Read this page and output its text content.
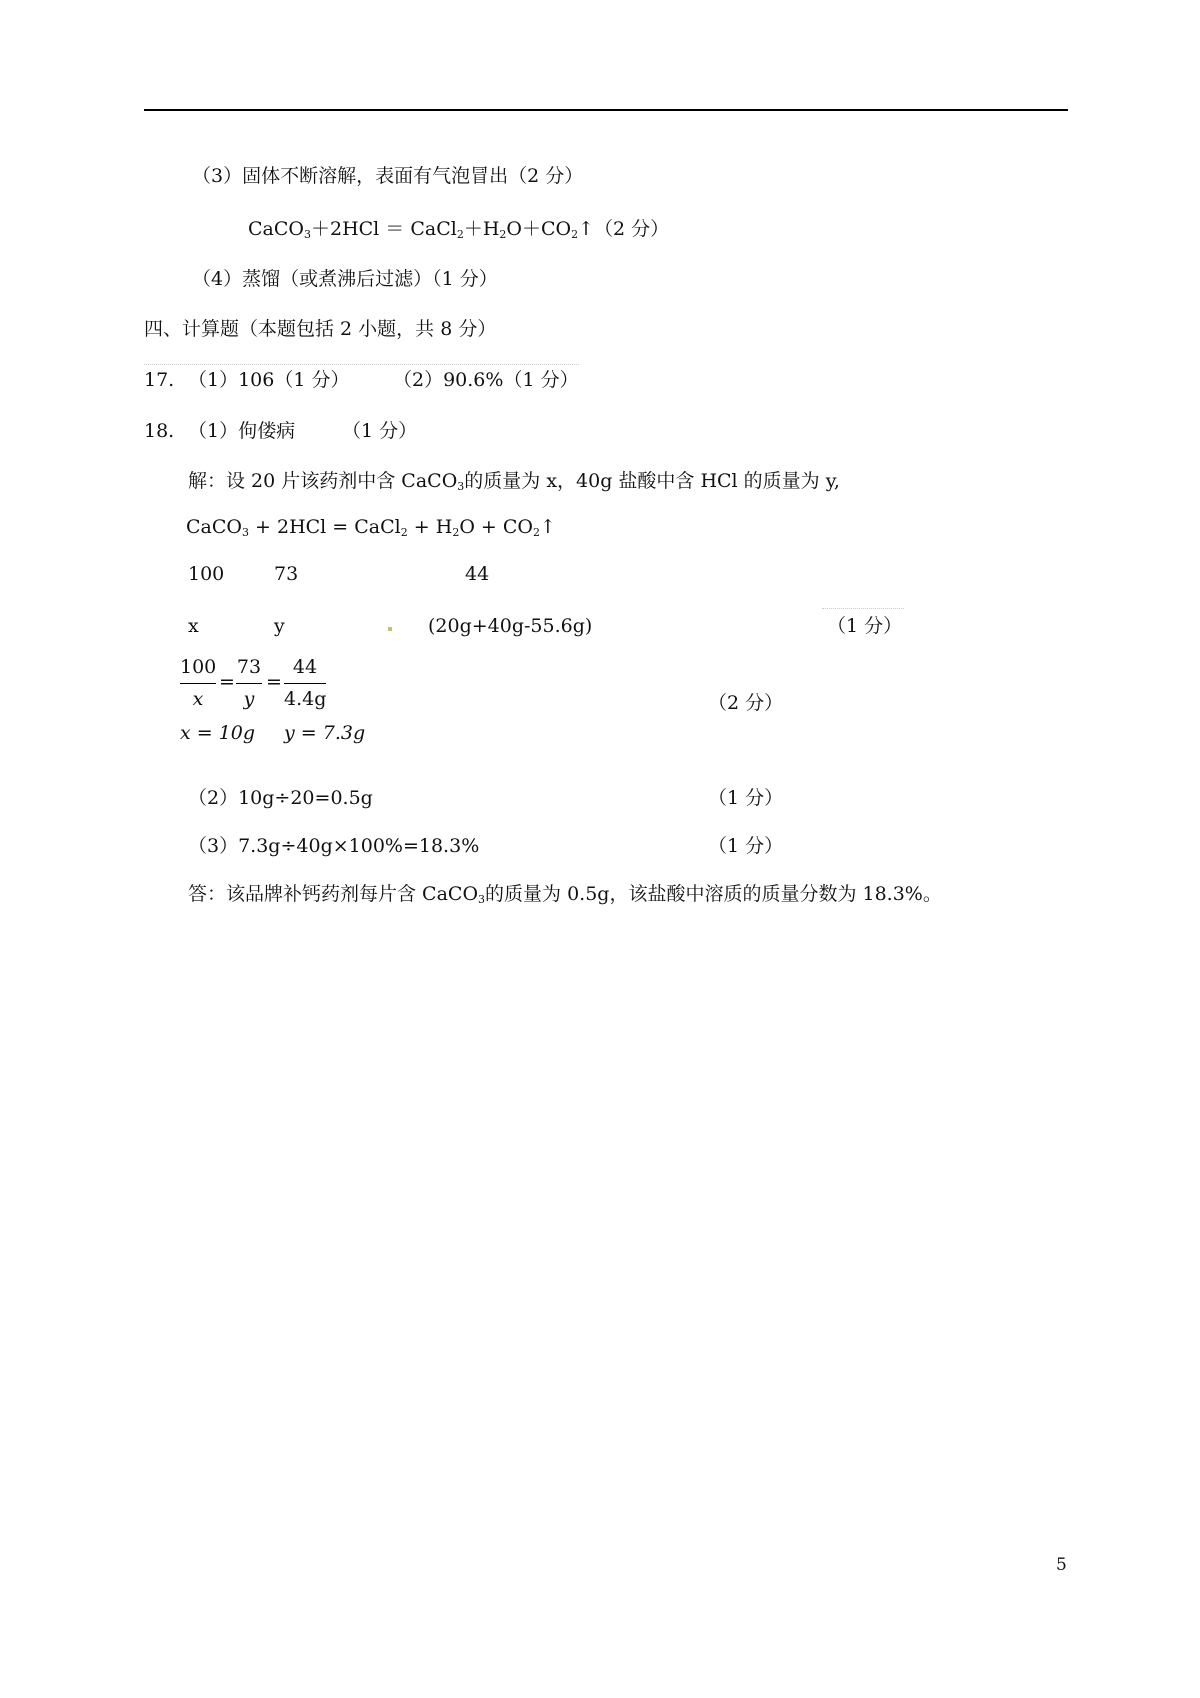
（3）固体不断溶解，表面有气泡冒出（2 分）
CaCO$_3$＋2HCl ＝ $CaCl_2+H_2O+CO_2↑(2$ 分）
（4）蒸馏（或煮沸后过滤）（1 分）
四、计算题（本题包括 2 小题，共 8 分）
17. （1）106（1 分） （2）90.6%（1 分）
18. （1）佝偻病 （1 分）
解：设 20 片该药剂中含 CaCO$_3$的质量为 x，40g 盐酸中含 HCl 的质量为 y,
CaCO$_3$ + 2HCl = CaCl$_2$ + $H_2O$ + $CO_2↑$
100	73	44
x	y	(20g+40g-55.6g)	（1 分）
100
x
=
73
y
=
44
4.4g	（2 分）
x = 10g y = 7.3g
（2）10g÷20=0.5g	（1 分）
（3）7.3g÷40g×100%=18.3%	（1 分）
答：该品牌补钙药剂每片含 CaCO$_3$的质量为 0.5g，该盐酸中溶质的质量分数为 18.3%。
5
